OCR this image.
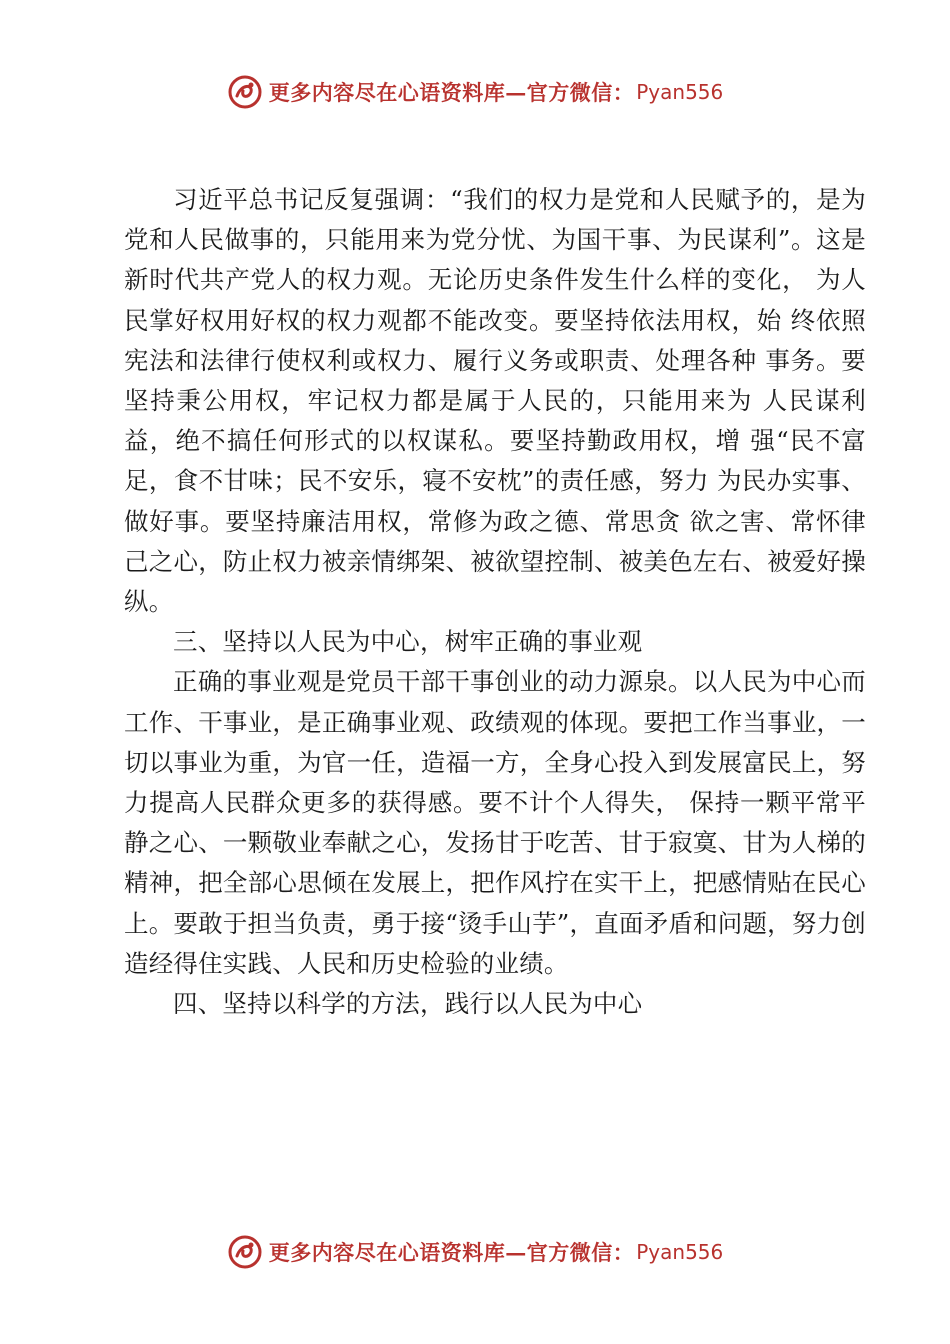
更多内容尽在心语资料库—官方微信： Pyan556

习近平总书记反复强调：“我们的权力是党和人民赋予的，是为党和人民做事的，只能用来为党分忧、为国干事、为民谋利”。这是新时代共产党人的权力观。无论历史条件发生什么样的变化， 为人民掌好权用好权的权力观都不能改变。要坚持依法用权，始 终依照宪法和法律行使权利或权力、履行义务或职责、处理各种 事务。要坚持秉公用权，牢记权力都是属于人民的，只能用来为 人民谋利益，绝不搞任何形式的以权谋私。要坚持勤政用权，增 强“民不富足，食不甘味；民不安乐，寝不安枕”的责任感，努力 为民办实事、做好事。要坚持廉洁用权，常修为政之德、常思贪 欲之害、常怀律己之心，防止权力被亲情绑架、被欲望控制、被美色左右、被爱好操纵。

三、坚持以人民为中心，树牢正确的事业观

正确的事业观是党员干部干事创业的动力源泉。以人民为中心而工作、干事业，是正确事业观、政绩观的体现。要把工作当事业，一切以事业为重，为官一任，造福一方，全身心投入到发展富民上，努力提高人民群众更多的获得感。要不计个人得失， 保持一颗平常平静之心、一颗敬业奉献之心，发扬甘于吃苦、甘于寂寞、甘为人梯的精神，把全部心思倾在发展上，把作风拧在实干上，把感情贴在民心上。要敢于担当负责，勇于接“烫手山芋”，直面矛盾和问题，努力创造经得住实践、人民和历史检验的业绩。

四、坚持以科学的方法，践行以人民为中心

更多内容尽在心语资料库—官方微信： Pyan556
